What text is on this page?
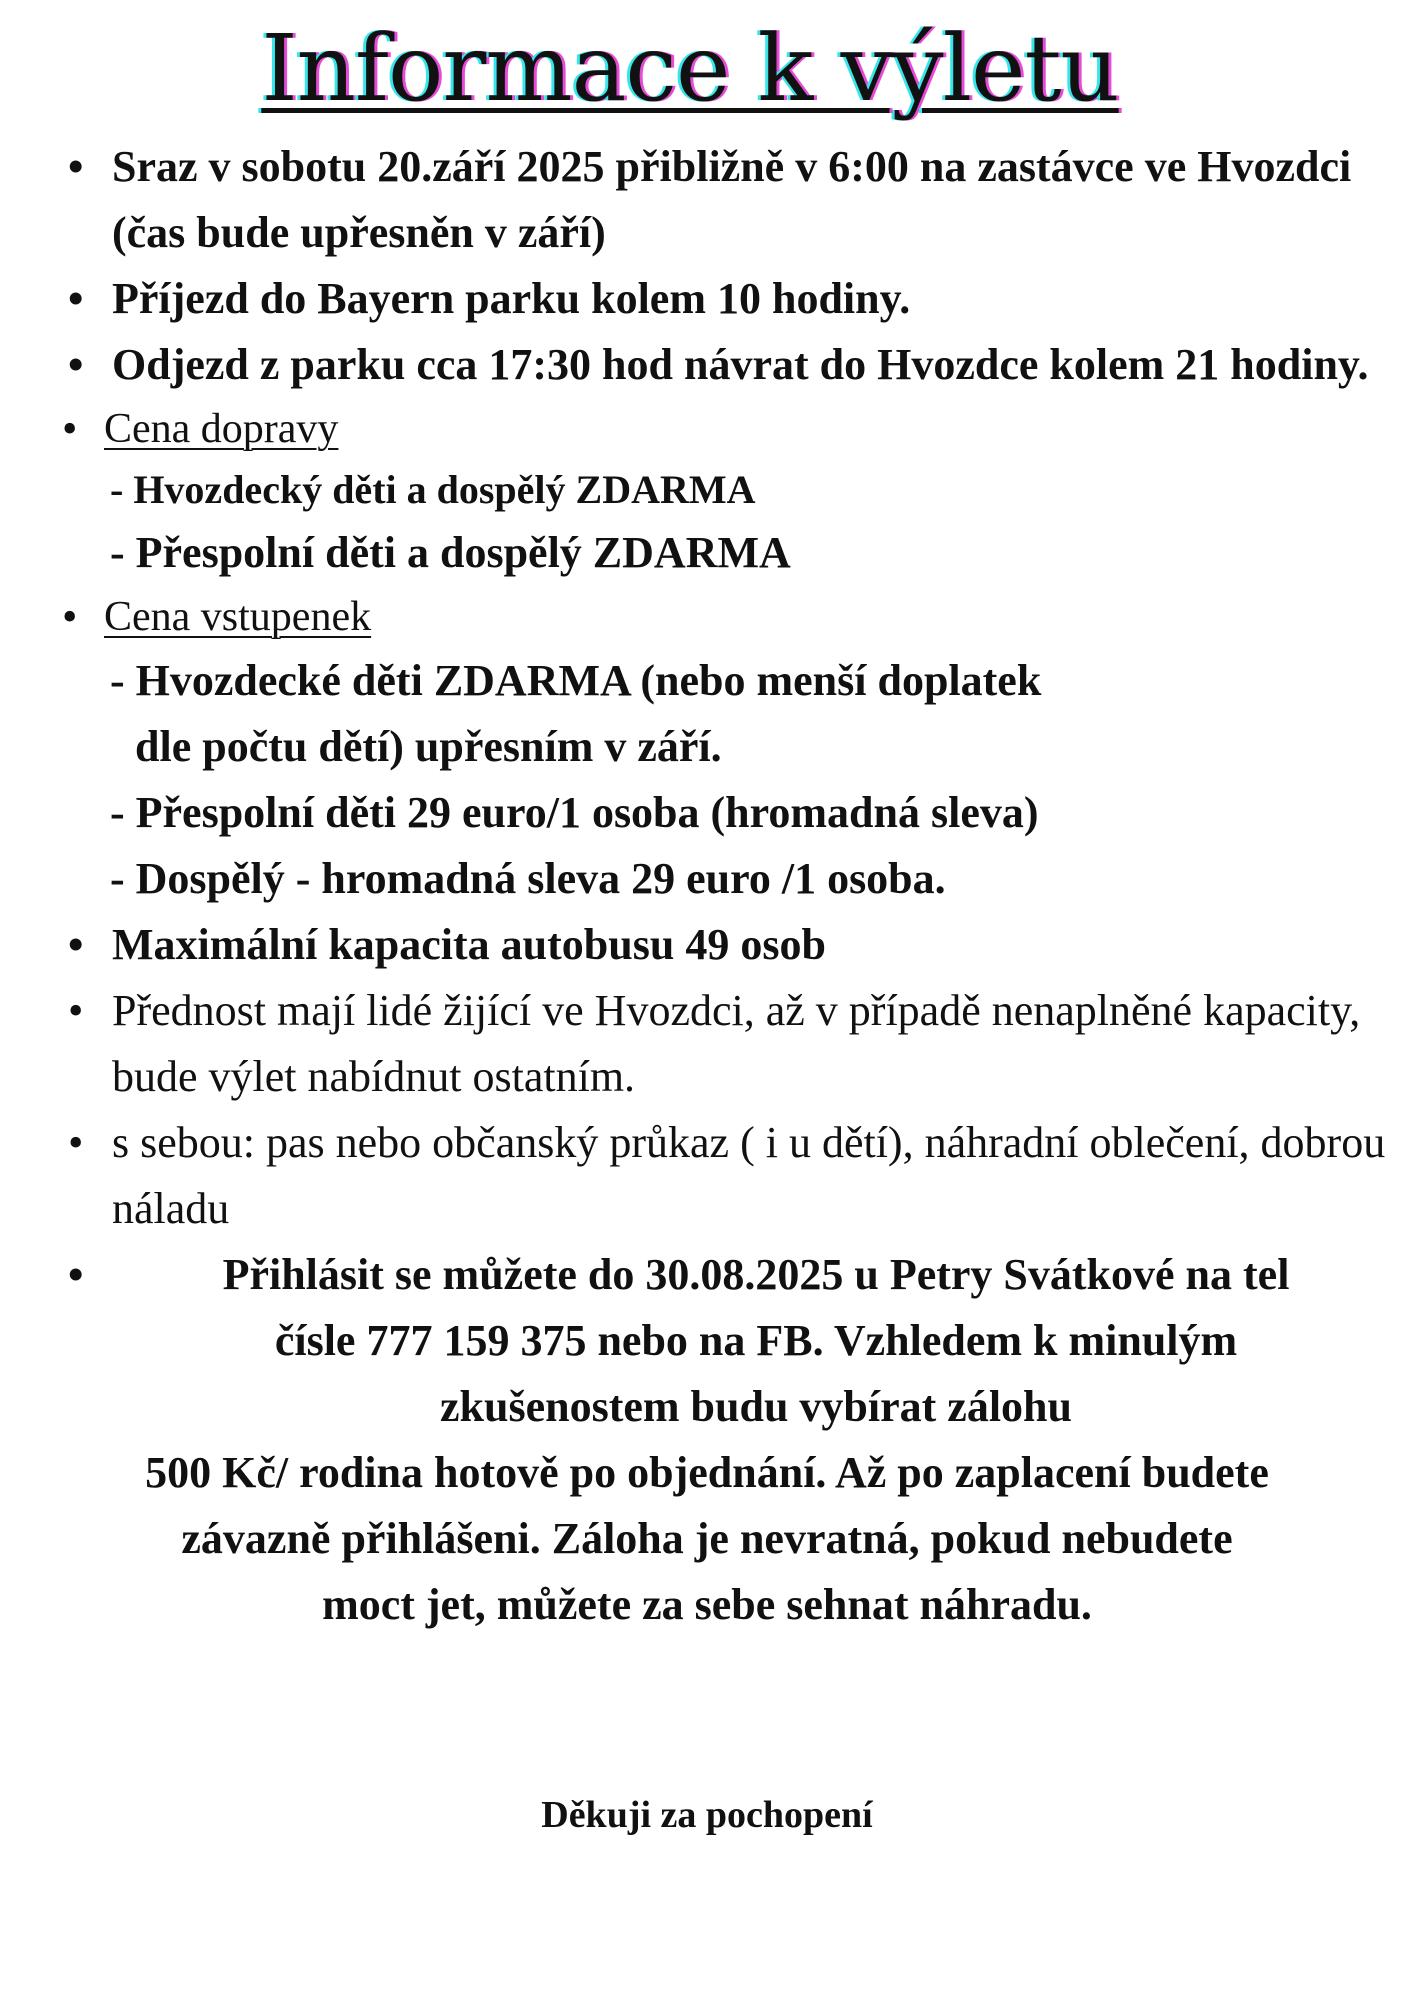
Informace k výletu

• Sraz v sobotu 20.září 2025 přibližně v 6:00 na zastávce ve Hvozdci (čas bude upřesněn v září)

• Příjezd do Bayern parku kolem 10 hodiny.

• Odjezd z parku cca 17:30 hod návrat do Hvozdce kolem 21 hodiny.

• Cena dopravy

- Hvozdecký děti a dospělý ZDARMA

- Přespolní děti a dospělý ZDARMA

• Cena vstupenek

- Hvozdecké děti ZDARMA (nebo menší doplatek

dle počtu dětí) upřesním v září.

- Přespolní děti 29 euro/1 osoba (hromadná sleva)

- Dospělý - hromadná sleva 29 euro /1 osoba.

• Maximální kapacita autobusu 49 osob

• Přednost mají lidé žijící ve Hvozdci, až v případě nenaplněné kapacity, bude výlet nabídnut ostatním.

• s sebou: pas nebo občanský průkaz ( i u dětí), náhradní oblečení, dobrou náladu

•	Přihlásit se můžete do 30.08.2025 u Petry Svátkové na tel
čísle 777 159 375 nebo na FB. Vzhledem k minulým
zkušenostem budu vybírat zálohu

500 Kč/ rodina hotově po objednání. Až po zaplacení budete

závazně přihlášeni. Záloha je nevratná, pokud nebudete

moct jet, můžete za sebe sehnat náhradu.

Děkuji za pochopení
